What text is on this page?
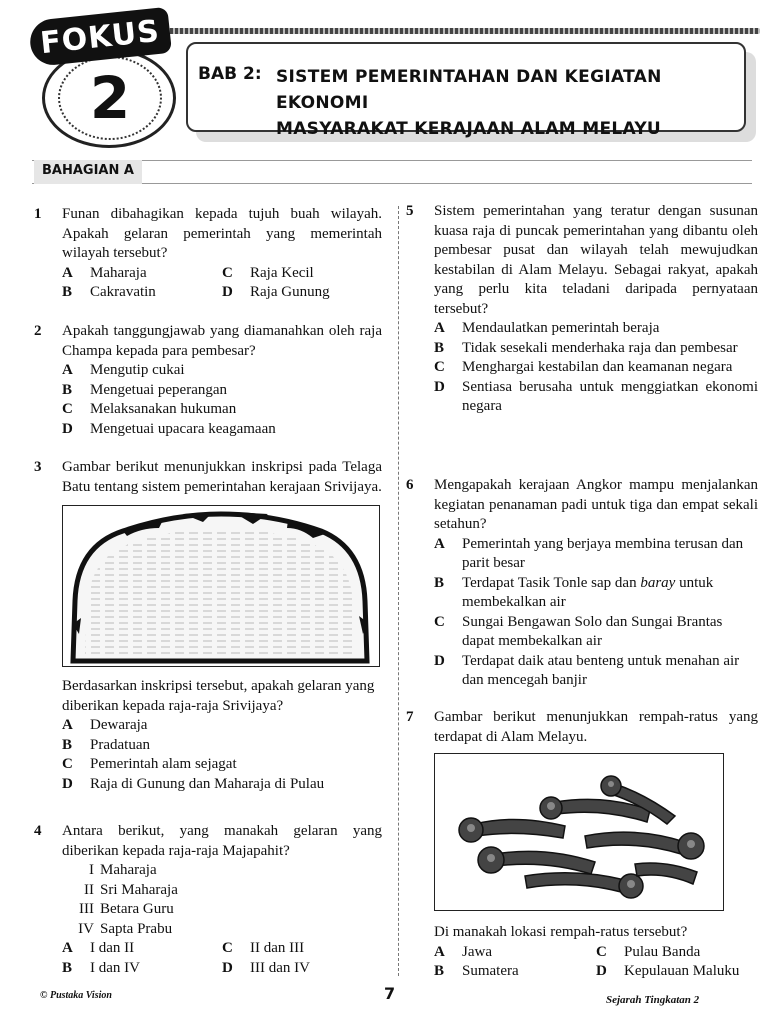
FOKUS
2	BAB 2: SISTEM PEMERINTAHAN DAN KEGIATAN EKONOMI
MASYARAKAT KERAJAAN ALAM MELAYU
BAHAGIAN A
1 Funan dibahagikan kepada tujuh buah wilayah. Apakah gelaran pemerintah yang memerintah wilayah tersebut?
A Maharaja	C Raja Kecil
B Cakravatin	D Raja Gunung
2 Apakah tanggungjawab yang diamanahkan oleh raja Champa kepada para pembesar?
A Mengutip cukai
B Mengetuai peperangan
C Melaksanakan hukuman
D Mengetuai upacara keagamaan
3 Gambar berikut menunjukkan inskripsi pada Telaga Batu tentang sistem pemerintahan kerajaan Srivijaya.
Berdasarkan inskripsi tersebut, apakah gelaran yang diberikan kepada raja-raja Srivijaya?
A Dewaraja
B Pradatuan
C Pemerintah alam sejagat
D Raja di Gunung dan Maharaja di Pulau
4 Antara berikut, yang manakah gelaran yang diberikan kepada raja-raja Majapahit?
I Maharaja
II Sri Maharaja
III Betara Guru
IV Sapta Prabu
A I dan II	C II dan III
B I dan IV	D III dan IV
5 Sistem pemerintahan yang teratur dengan susunan kuasa raja di puncak pemerintahan yang dibantu oleh pembesar pusat dan wilayah telah mewujudkan kestabilan di Alam Melayu. Sebagai rakyat, apakah yang perlu kita teladani daripada pernyataan tersebut?
A Mendaulatkan pemerintah beraja
B Tidak sesekali menderhaka raja dan pembesar
C Menghargai kestabilan dan keamanan negara
D Sentiasa berusaha untuk menggiatkan ekonomi negara
6 Mengapakah kerajaan Angkor mampu menjalankan kegiatan penanaman padi untuk tiga dan empat sekali setahun?
A Pemerintah yang berjaya membina terusan dan parit besar
B Terdapat Tasik Tonle sap dan baray untuk membekalkan air
C Sungai Bengawan Solo dan Sungai Brantas dapat membekalkan air
D Terdapat daik atau benteng untuk menahan air dan mencegah banjir
7 Gambar berikut menunjukkan rempah-ratus yang terdapat di Alam Melayu.
Di manakah lokasi rempah-ratus tersebut?
A Jawa	C Pulau Banda
B Sumatera	D Kepulauan Maluku
© Pustaka Vision	7	Sejarah Tingkatan 2
